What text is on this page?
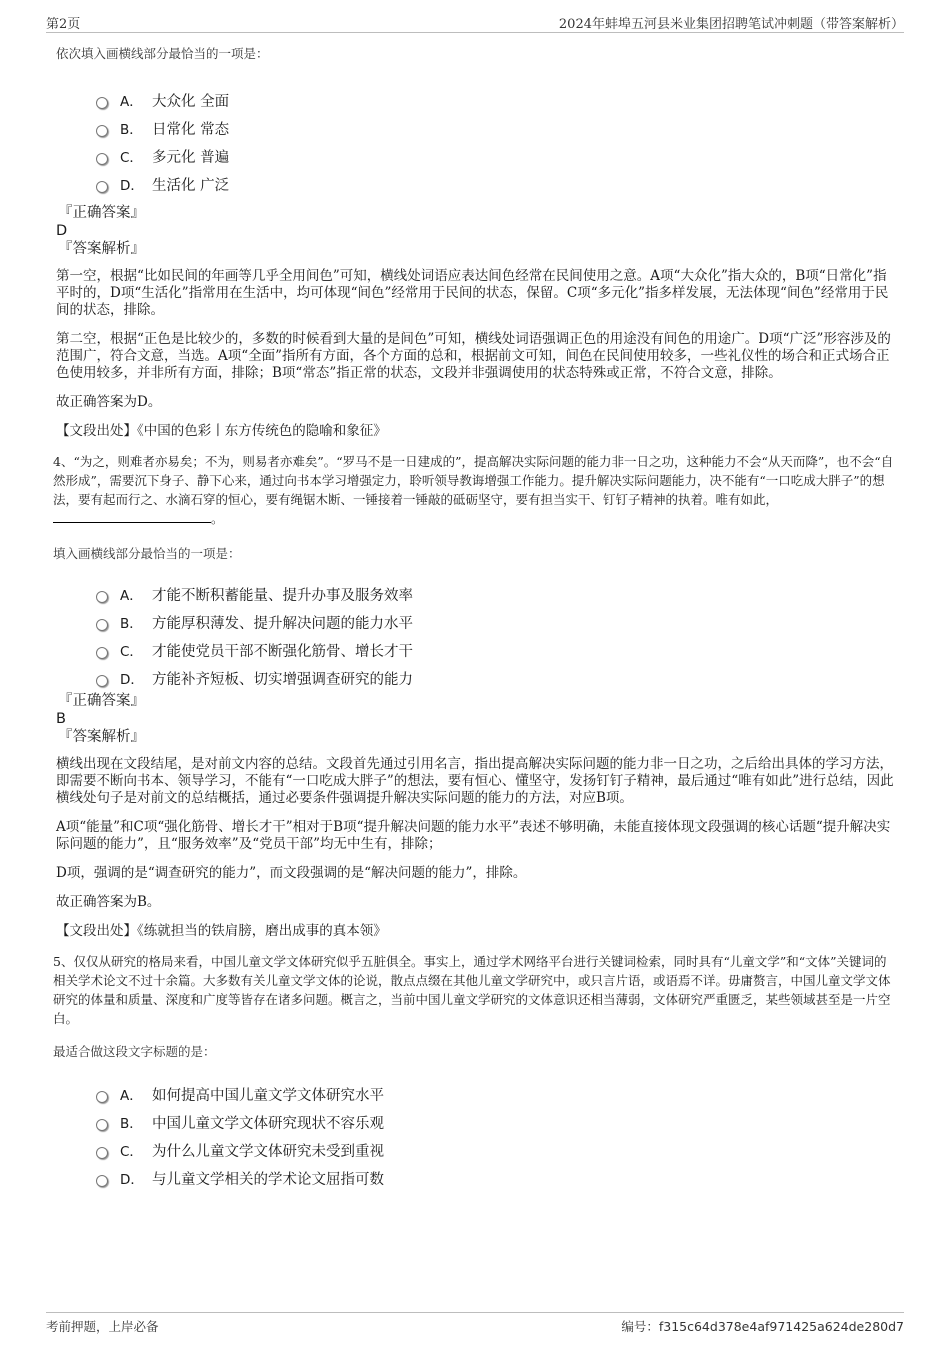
第2页	2024年蚌埠五河县米业集团招聘笔试冲刺题（带答案解析）
依次填入画横线部分最恰当的一项是：
A． 大众化 全面
B． 日常化 常态
C． 多元化 普遍
D． 生活化 广泛
『正确答案』
D
『答案解析』

第一空，根据“比如民间的年画等几乎全用间色”可知，横线处词语应表达间色经常在民间使用之意。A项“大众化”指大众的，B项“日常化”指平时的，D项“生活化”指常用在生活中，均可体现“间色”经常用于民间的状态，保留。C项“多元化”指多样发展，无法体现“间色”经常用于民间的状态，排除。

第二空，根据“正色是比较少的，多数的时候看到大量的是间色”可知，横线处词语强调正色的用途没有间色的用途广。D项“广泛”形容涉及的范围广，符合文意，当选。A项“全面”指所有方面，各个方面的总和，根据前文可知，间色在民间使用较多，一些礼仪性的场合和正式场合正色使用较多，并非所有方面，排除；B项“常态”指正常的状态，文段并非强调使用的状态特殊或正常，不符合文意，排除。

故正确答案为D。

【文段出处】《中国的色彩丨东方传统色的隐喻和象征》

4、“为之，则难者亦易矣；不为，则易者亦难矣”。“罗马不是一日建成的”，提高解决实际问题的能力非一日之功，这种能力不会“从天而降”，也不会“自然形成”，需要沉下身子、静下心来，通过向书本学习增强定力，聆听领导教诲增强工作能力。提升解决实际问题能力，决不能有“一口吃成大胖子”的想法，要有起而行之、水滴石穿的恒心，要有绳锯木断、一锤接着一锤敲的砥砺坚守，要有担当实干、钉钉子精神的执着。唯有如此，。

填入画横线部分最恰当的一项是：
A． 才能不断积蓄能量、提升办事及服务效率
B． 方能厚积薄发、提升解决问题的能力水平
C． 才能使党员干部不断强化筋骨、增长才干
D． 方能补齐短板、切实增强调查研究的能力
『正确答案』
B
『答案解析』

横线出现在文段结尾，是对前文内容的总结。文段首先通过引用名言，指出提高解决实际问题的能力非一日之功，之后给出具体的学习方法，即需要不断向书本、领导学习，不能有“一口吃成大胖子”的想法，要有恒心、懂坚守，发扬钉钉子精神，最后通过“唯有如此”进行总结，因此横线处句子是对前文的总结概括，通过必要条件强调提升解决实际问题的能力的方法，对应B项。

A项“能量”和C项“强化筋骨、增长才干”相对于B项“提升解决问题的能力水平”表述不够明确，未能直接体现文段强调的核心话题“提升解决实际问题的能力”，且“服务效率”及“党员干部”均无中生有，排除；

D项，强调的是“调查研究的能力”，而文段强调的是“解决问题的能力”，排除。

故正确答案为B。

【文段出处】《练就担当的铁肩膀，磨出成事的真本领》

5、仅仅从研究的格局来看，中国儿童文学文体研究似乎五脏俱全。事实上，通过学术网络平台进行关键词检索，同时具有“儿童文学”和“文体”关键词的相关学术论文不过十余篇。大多数有关儿童文学文体的论说，散点点缀在其他儿童文学研究中，或只言片语，或语焉不详。毋庸赘言，中国儿童文学文体研究的体量和质量、深度和广度等皆存在诸多问题。概言之，当前中国儿童文学研究的文体意识还相当薄弱，文体研究严重匮乏，某些领域甚至是一片空白。

最适合做这段文字标题的是：
A． 如何提高中国儿童文学文体研究水平
B． 中国儿童文学文体研究现状不容乐观
C． 为什么儿童文学文体研究未受到重视
D． 与儿童文学相关的学术论文屈指可数
考前押题，上岸必备	编号：f315c64d378e4af971425a624de280d7
